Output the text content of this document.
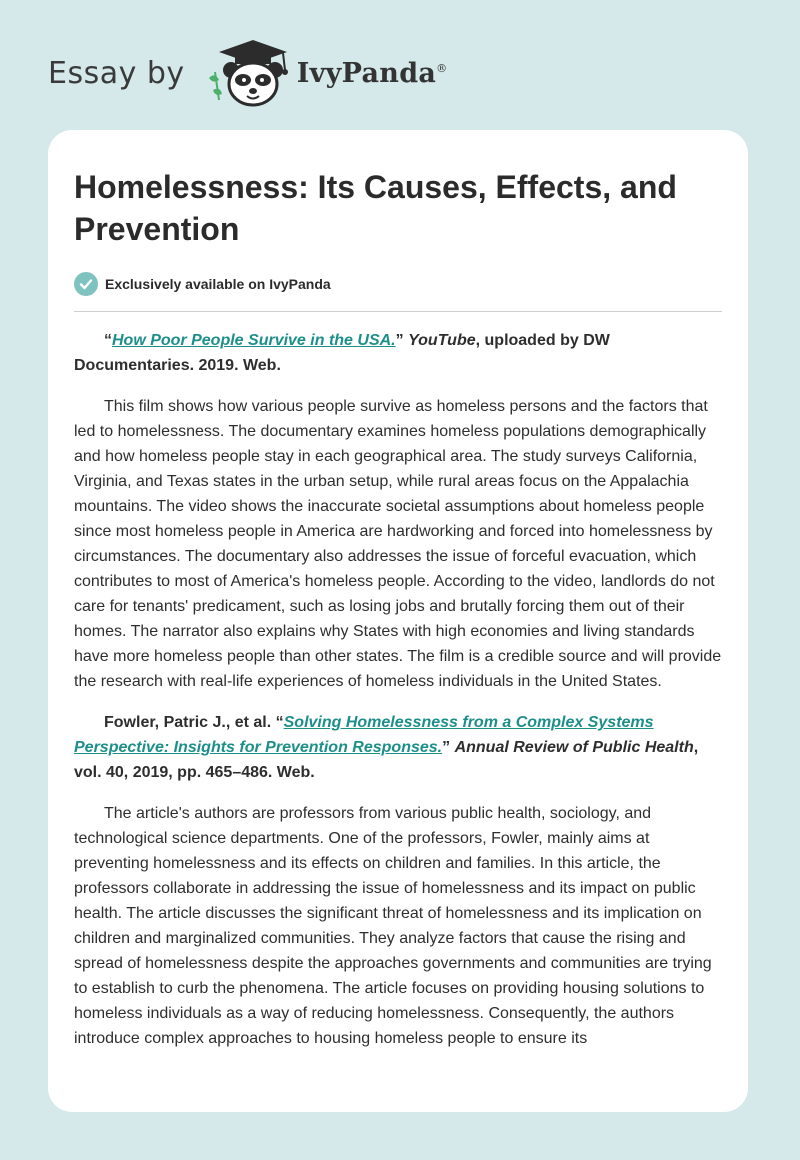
Essay by	IvyPanda®
Homelessness: Its Causes, Effects, and Prevention
Exclusively available on IvyPanda

“How Poor People Survive in the USA.” YouTube, uploaded by DW Documentaries. 2019. Web.

This film shows how various people survive as homeless persons and the factors that led to homelessness. The documentary examines homeless populations demographically and how homeless people stay in each geographical area. The study surveys California, Virginia, and Texas states in the urban setup, while rural areas focus on the Appalachia mountains. The video shows the inaccurate societal assumptions about homeless people since most homeless people in America are hardworking and forced into homelessness by circumstances. The documentary also addresses the issue of forceful evacuation, which contributes to most of America's homeless people. According to the video, landlords do not care for tenants' predicament, such as losing jobs and brutally forcing them out of their homes. The narrator also explains why States with high economies and living standards have more homeless people than other states. The film is a credible source and will provide the research with real-life experiences of homeless individuals in the United States.

Fowler, Patric J., et al. “Solving Homelessness from a Complex Systems Perspective: Insights for Prevention Responses.” Annual Review of Public Health, vol. 40, 2019, pp. 465–486. Web.

The article's authors are professors from various public health, sociology, and technological science departments. One of the professors, Fowler, mainly aims at preventing homelessness and its effects on children and families. In this article, the professors collaborate in addressing the issue of homelessness and its impact on public health. The article discusses the significant threat of homelessness and its implication on children and marginalized communities. They analyze factors that cause the rising and spread of homelessness despite the approaches governments and communities are trying to establish to curb the phenomena. The article focuses on providing housing solutions to homeless individuals as a way of reducing homelessness. Consequently, the authors introduce complex approaches to housing homeless people to ensure its
